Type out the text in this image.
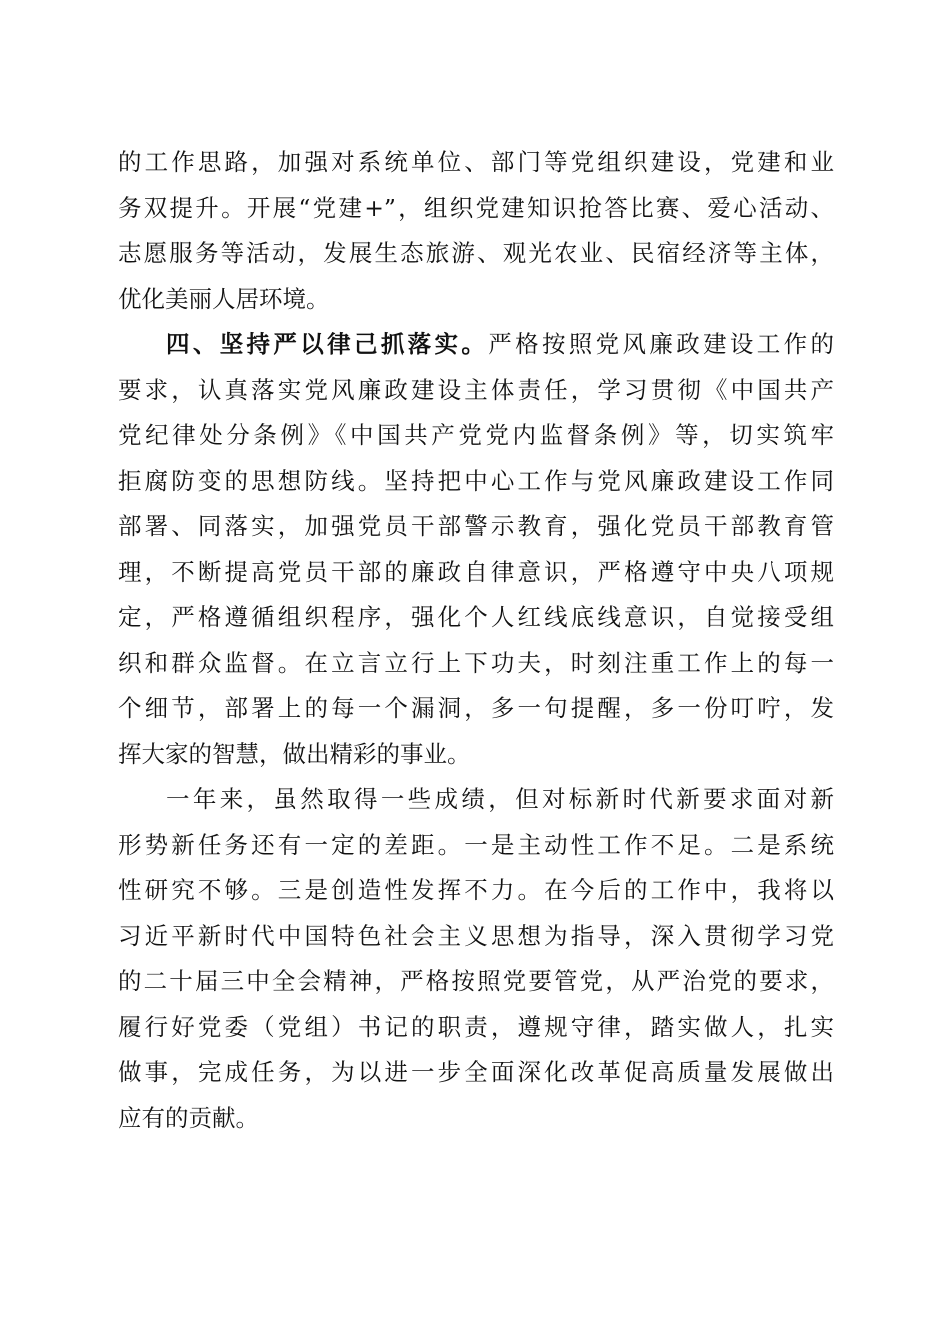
的工作思路，加强对系统单位、部门等党组织建设，党建和业
务双提升。开展“党建+”，组织党建知识抢答比赛、爱心活动、
志愿服务等活动，发展生态旅游、观光农业、民宿经济等主体，
优化美丽人居环境。
四、坚持严以律己抓落实。严格按照党风廉政建设工作的
要求，认真落实党风廉政建设主体责任，学习贯彻《中国共产
党纪律处分条例》《中国共产党党内监督条例》等，切实筑牢
拒腐防变的思想防线。坚持把中心工作与党风廉政建设工作同
部署、同落实，加强党员干部警示教育，强化党员干部教育管
理，不断提高党员干部的廉政自律意识，严格遵守中央八项规
定，严格遵循组织程序，强化个人红线底线意识，自觉接受组
织和群众监督。在立言立行上下功夫，时刻注重工作上的每一
个细节，部署上的每一个漏洞，多一句提醒，多一份叮咛，发
挥大家的智慧，做出精彩的事业。
一年来，虽然取得一些成绩，但对标新时代新要求面对新
形势新任务还有一定的差距。一是主动性工作不足。二是系统
性研究不够。三是创造性发挥不力。在今后的工作中，我将以
习近平新时代中国特色社会主义思想为指导，深入贯彻学习党
的二十届三中全会精神，严格按照党要管党，从严治党的要求，
履行好党委（党组）书记的职责，遵规守律，踏实做人，扎实
做事，完成任务，为以进一步全面深化改革促高质量发展做出
应有的贡献。
